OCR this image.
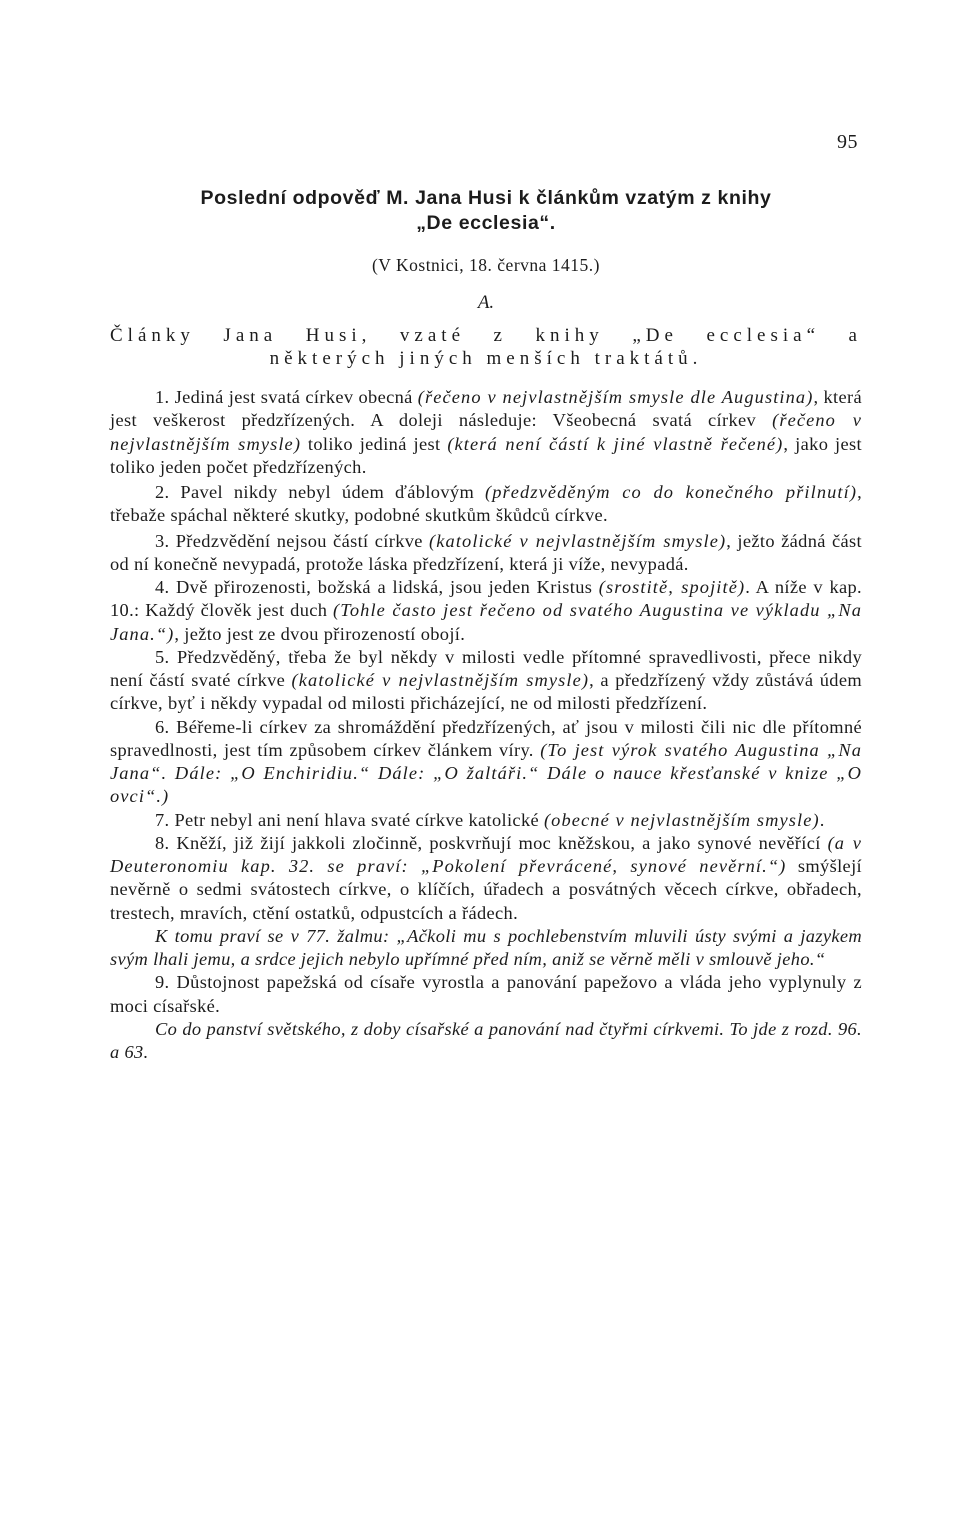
95

Poslední odpověď M. Jana Husi k článkům vzatým z knihy
„De ecclesia“.

(V Kostnici, 18. června 1415.)

A.

Články Jana Husi, vzaté z knihy „De ecclesia“ a
některých jiných menších traktátů.

1. Jediná jest svatá církev obecná (řečeno v nejvlastnějším smysle dle Augustina), která jest veškerost předzřízených. A doleji následuje: Všeobecná svatá církev (řečeno v nejvlastnějším smysle) toliko jediná jest (která není částí k jiné vlastně řečené), jako jest toliko jeden počet předzřízených.

2. Pavel nikdy nebyl údem ďáblovým (předzvěděným co do konečného přilnutí), třebaže spáchal některé skutky, podobné skutkům škůdců církve.

3. Předzvědění nejsou částí církve (katolické v nejvlastnějším smysle), ježto žádná část od ní konečně nevypadá, protože láska předzřízení, která ji víže, nevypadá.

4. Dvě přirozenosti, božská a lidská, jsou jeden Kristus (srostitě, spojitě). A níže v kap. 10.: Každý člověk jest duch (Tohle často jest řečeno od svatého Augustina ve výkladu „Na Jana.“), ježto jest ze dvou přirozeností obojí.

5. Předzvěděný, třeba že byl někdy v milosti vedle přítomné spravedlivosti, přece nikdy není částí svaté církve (katolické v nejvlastnějším smysle), a předzřízený vždy zůstává údem církve, byť i někdy vypadal od milosti přicházející, ne od milosti předzřízení.

6. Béřeme-li církev za shromáždění předzřízených, ať jsou v milosti čili nic dle přítomné spravedlnosti, jest tím způsobem církev článkem víry. (To jest výrok svatého Augustina „Na Jana“. Dále: „O Enchiridiu.“ Dále: „O žaltáři.“ Dále o nauce křesťanské v knize „O ovci“.)

7. Petr nebyl ani není hlava svaté církve katolické (obecné v nejvlastnějším smysle).

8. Kněží, již žijí jakkoli zločinně, poskvrňují moc kněžskou, a jako synové nevěřící (a v Deuteronomiu kap. 32. se praví: „Pokolení převrácené, synové nevěrní.“) smýšlejí nevěrně o sedmi svátostech církve, o klíčích, úřadech a posvátných věcech církve, obřadech, trestech, mravích, ctění ostatků, odpustcích a řádech.

K tomu praví se v 77. žalmu: „Ačkoli mu s pochlebenstvím mluvili ústy svými a jazykem svým lhali jemu, a srdce jejich nebylo upřímné před ním, aniž se věrně měli v smlouvě jeho.“

9. Důstojnost papežská od císaře vyrostla a panování papežovo a vláda jeho vyplynuly z moci císařské.

Co do panství světského, z doby císařské a panování nad čtyřmi církvemi. To jde z rozd. 96. a 63.
